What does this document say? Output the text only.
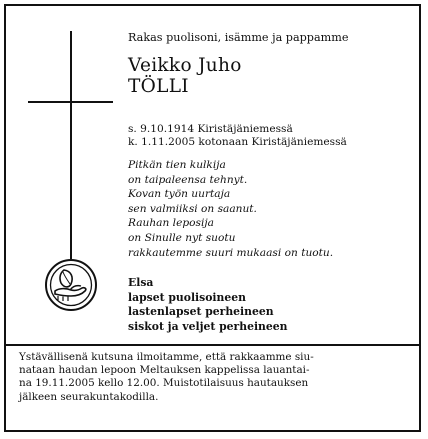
Rakas puolisoni, isämme ja pappamme
Veikko Juho
TÖLLI
s. 9.10.1914 Kiristäjäniemessä
k. 1.11.2005 kotonaan Kiristäjäniemessä
Pitkän tien kulkija
on taipaleensa tehnyt.
Kovan työn uurtaja
sen valmiiksi on saanut.
Rauhan leposija
on Sinulle nyt suotu
rakkautemme suuri mukaasi on tuotu.
Elsa
lapset puolisoineen
lastenlapset perheineen
siskot ja veljet perheineen
Ystävällisenä kutsuna ilmoitamme, että rakkaamme siu-
nataan haudan lepoon Meltauksen kappelissa lauantai-
na 19.11.2005 kello 12.00. Muistotilaisuus hautauksen
jälkeen seurakuntakodilla.
